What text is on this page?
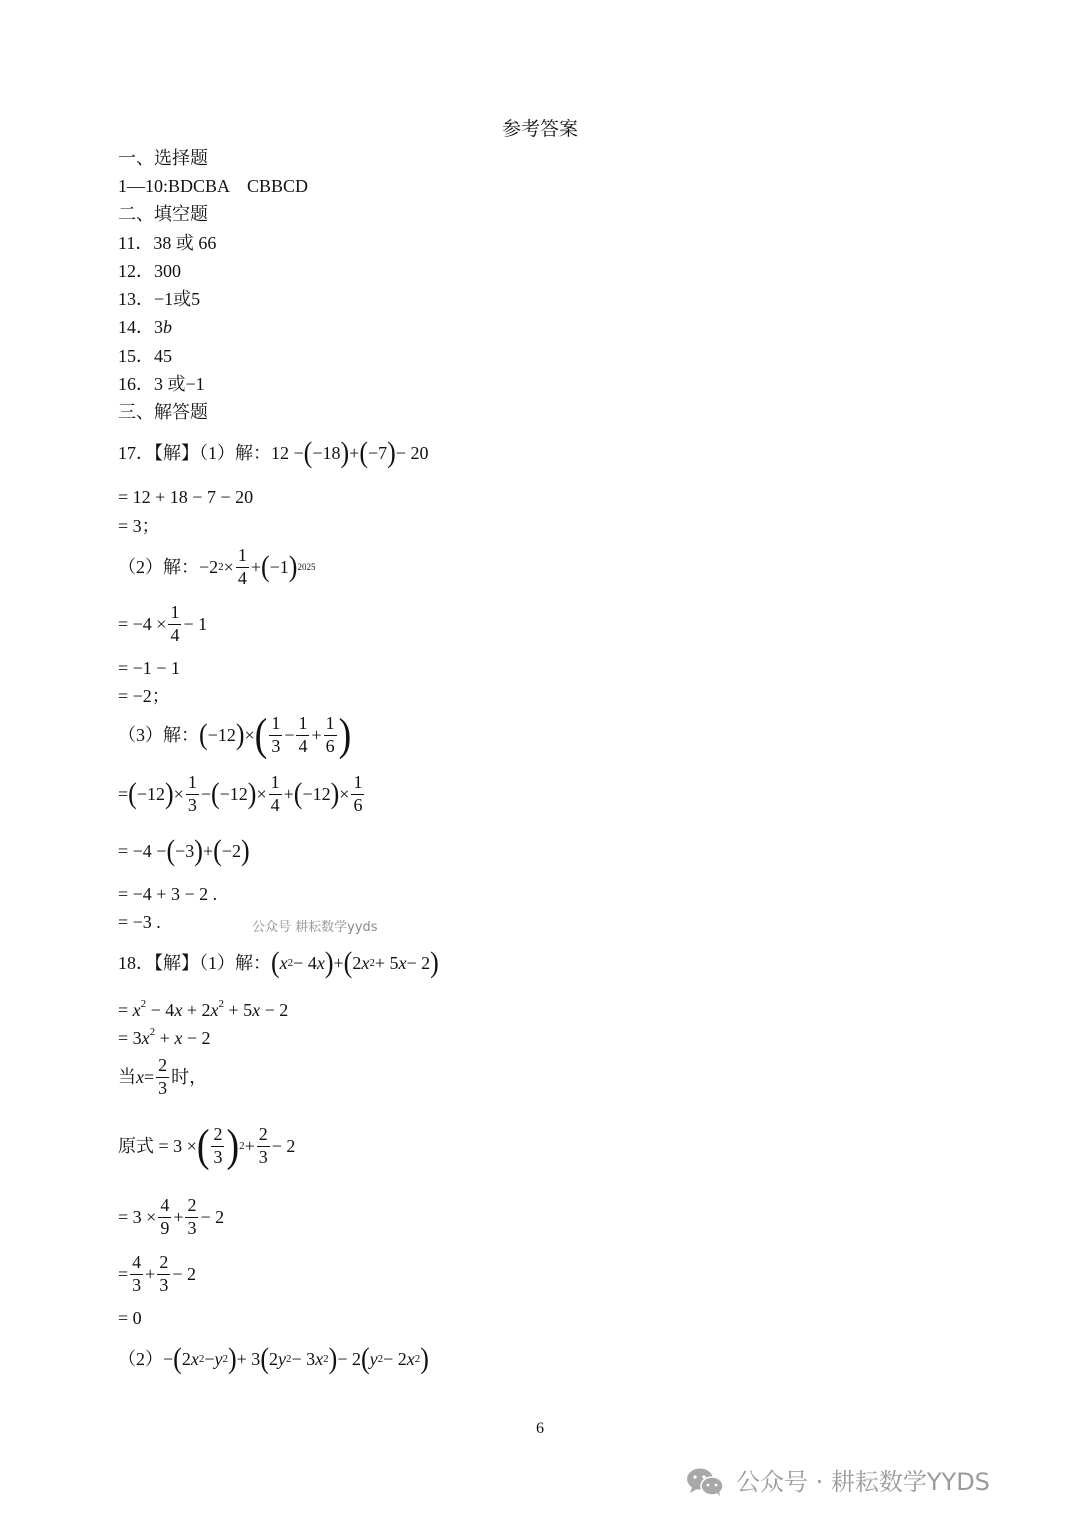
参考答案
一、选择题
1—10:BDCBA　CBBCD
二、填空题
11．38 或 66
12．300
13．−1或5
14．3b
15．45
16．3 或−1
三、解答题
17．【解】（1）解： 12 − ( −18 ) + ( −7 ) − 20
= 12 + 18 − 7 − 20
= 3；
（2）解： −2 $2 \times \frac{1}{4}$ + ( −1 ) 2025
= $-4 \times \frac{1}{4} - 1$
= −1 − 1
= −2；
（3）解： ( −12 ) × ( $\frac{1}{3} - \frac{1}{4} + \frac{1}{6}$ )
= ( −12 ) × $\frac{1}{3}$ − ( −12 ) × $\frac{1}{4}$ + ( −12 ) × $\frac{1}{6}$
= −4 − ( −3 ) + ( −2 )
= −4 + 3 − 2 .
= −3 .	公众号 耕耘数学yyds
18．【解】（1）解： ( x 2 − 4 x ) + ( 2 x 2 + 5 x − 2 )
= $x^2 - 4x + 2x^2 + 5x - 2$
= $3x^2 + x - 2$
当 $x = \frac{2}{3}$ 时，
原式 = 3 × ( $\frac{2}{3}$ ) $2 + \frac{2}{3} - 2$
= $3 \times \frac{4}{9} + \frac{2}{3} - 2$
= $\frac{4}{3} + \frac{2}{3} - 2$
= 0
（2） − ( 2 x 2 − y 2 ) + 3 ( 2 y 2 − 3 x 2 ) − 2 ( y 2 − 2 x 2 )
6
公众号 · 耕耘数学YYDS
